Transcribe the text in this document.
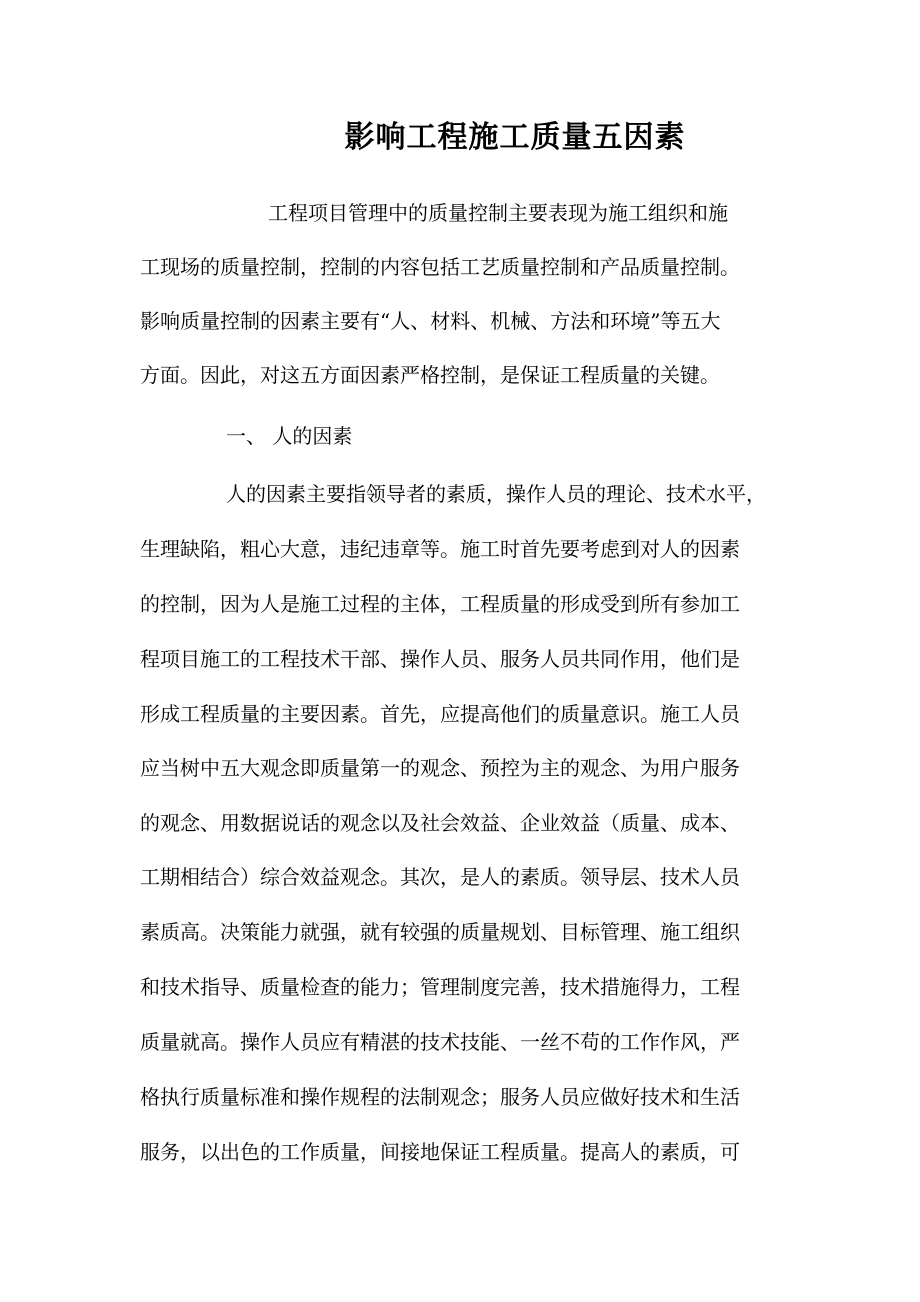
影响工程施工质量五因素
工程项目管理中的质量控制主要表现为施工组织和施
工现场的质量控制，控制的内容包括工艺质量控制和产品质量控制。
影响质量控制的因素主要有“人、材料、机械、方法和环境”等五大
方面。因此，对这五方面因素严格控制，是保证工程质量的关键。
一、 人的因素
人的因素主要指领导者的素质，操作人员的理论、技术水平，
生理缺陷，粗心大意，违纪违章等。施工时首先要考虑到对人的因素
的控制，因为人是施工过程的主体，工程质量的形成受到所有参加工
程项目施工的工程技术干部、操作人员、服务人员共同作用，他们是
形成工程质量的主要因素。首先，应提高他们的质量意识。施工人员
应当树中五大观念即质量第一的观念、预控为主的观念、为用户服务
的观念、用数据说话的观念以及社会效益、企业效益（质量、成本、
工期相结合）综合效益观念。其次，是人的素质。领导层、技术人员
素质高。决策能力就强，就有较强的质量规划、目标管理、施工组织
和技术指导、质量检查的能力；管理制度完善，技术措施得力，工程
质量就高。操作人员应有精湛的技术技能、一丝不苟的工作作风，严
格执行质量标准和操作规程的法制观念；服务人员应做好技术和生活
服务，以出色的工作质量，间接地保证工程质量。提高人的素质，可
